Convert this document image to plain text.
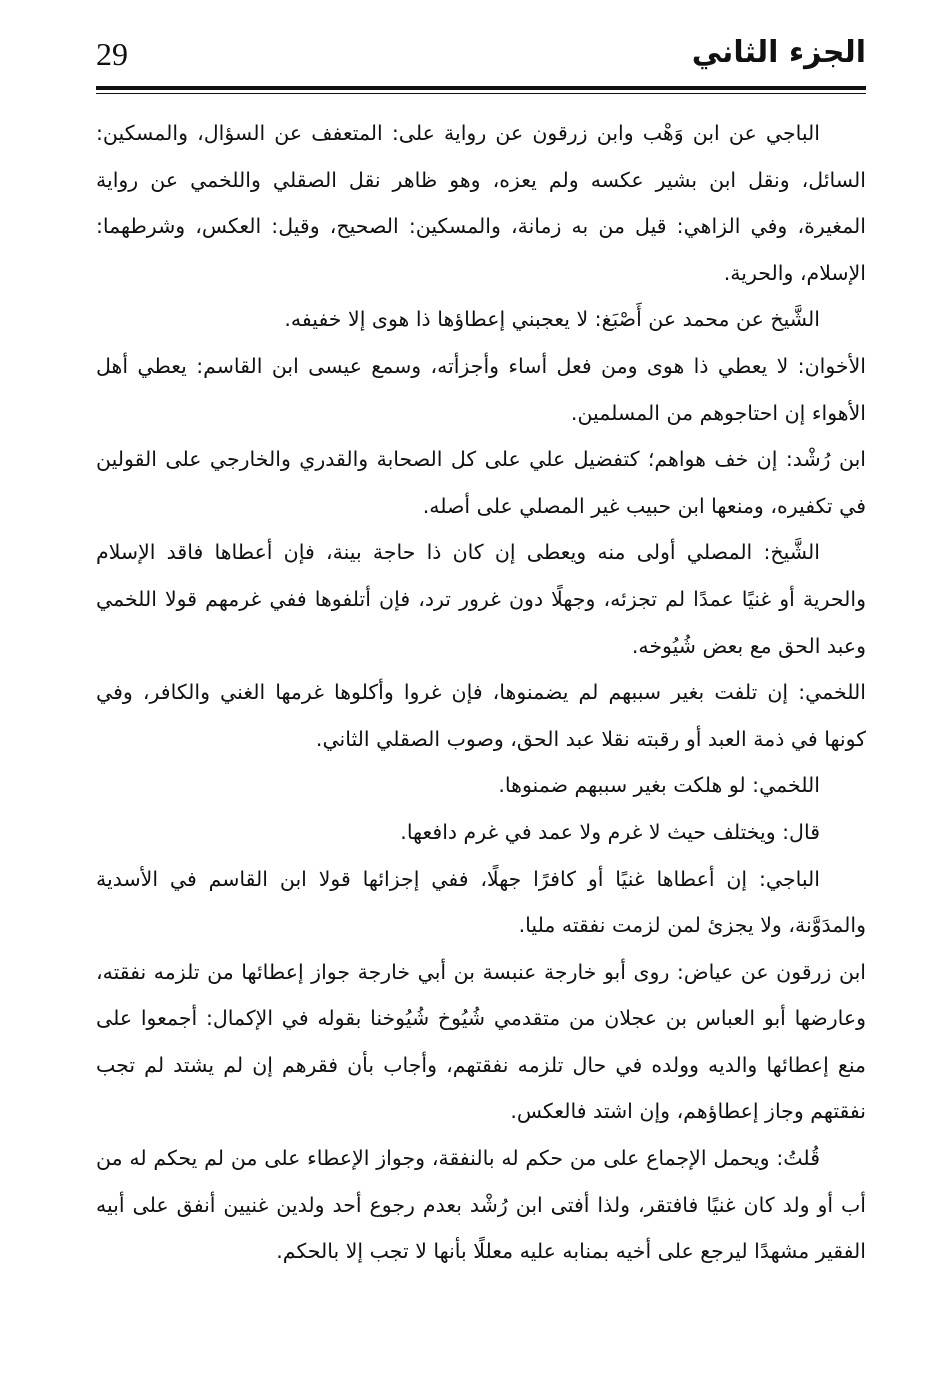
29	الجزء الثاني

الباجي عن ابن وَهْب وابن زرقون عن رواية على: المتعفف عن السؤال، والمسكين: السائل، ونقل ابن بشير عكسه ولم يعزه، وهو ظاهر نقل الصقلي واللخمي عن رواية المغيرة، وفي الزاهي: قيل من به زمانة، والمسكين: الصحيح، وقيل: العكس، وشرطهما: الإسلام، والحرية.

الشَّيخ عن محمد عن أَصْبَغ: لا يعجبني إعطاؤها ذا هوى إلا خفيفه.

الأخوان: لا يعطي ذا هوى ومن فعل أساء وأجزأته، وسمع عيسى ابن القاسم: يعطي أهل الأهواء إن احتاجوهم من المسلمين.

ابن رُشْد: إن خف هواهم؛ كتفضيل علي على كل الصحابة والقدري والخارجي على القولين في تكفيره، ومنعها ابن حبيب غير المصلي على أصله.

الشَّيخ: المصلي أولى منه ويعطى إن كان ذا حاجة بينة، فإن أعطاها فاقد الإسلام والحرية أو غنيًا عمدًا لم تجزئه، وجهلًا دون غرور ترد، فإن أتلفوها ففي غرمهم قولا اللخمي وعبد الحق مع بعض شُيُوخه.

اللخمي: إن تلفت بغير سببهم لم يضمنوها، فإن غروا وأكلوها غرمها الغني والكافر، وفي كونها في ذمة العبد أو رقبته نقلا عبد الحق، وصوب الصقلي الثاني.

اللخمي: لو هلكت بغير سببهم ضمنوها.

قال: ويختلف حيث لا غرم ولا عمد في غرم دافعها.

الباجي: إن أعطاها غنيًا أو كافرًا جهلًا، ففي إجزائها قولا ابن القاسم في الأسدية والمدَوَّنة، ولا يجزئ لمن لزمت نفقته مليا.

ابن زرقون عن عياض: روى أبو خارجة عنبسة بن أبي خارجة جواز إعطائها من تلزمه نفقته، وعارضها أبو العباس بن عجلان من متقدمي شُيُوخ شُيُوخنا بقوله في الإكمال: أجمعوا على منع إعطائها والديه وولده في حال تلزمه نفقتهم، وأجاب بأن فقرهم إن لم يشتد لم تجب نفقتهم وجاز إعطاؤهم، وإن اشتد فالعكس.

قُلتُ: ويحمل الإجماع على من حكم له بالنفقة، وجواز الإعطاء على من لم يحكم له من أب أو ولد كان غنيًا فافتقر، ولذا أفتى ابن رُشْد بعدم رجوع أحد ولدين غنيين أنفق على أبيه الفقير مشهدًا ليرجع على أخيه بمنابه عليه معللًا بأنها لا تجب إلا بالحكم.
